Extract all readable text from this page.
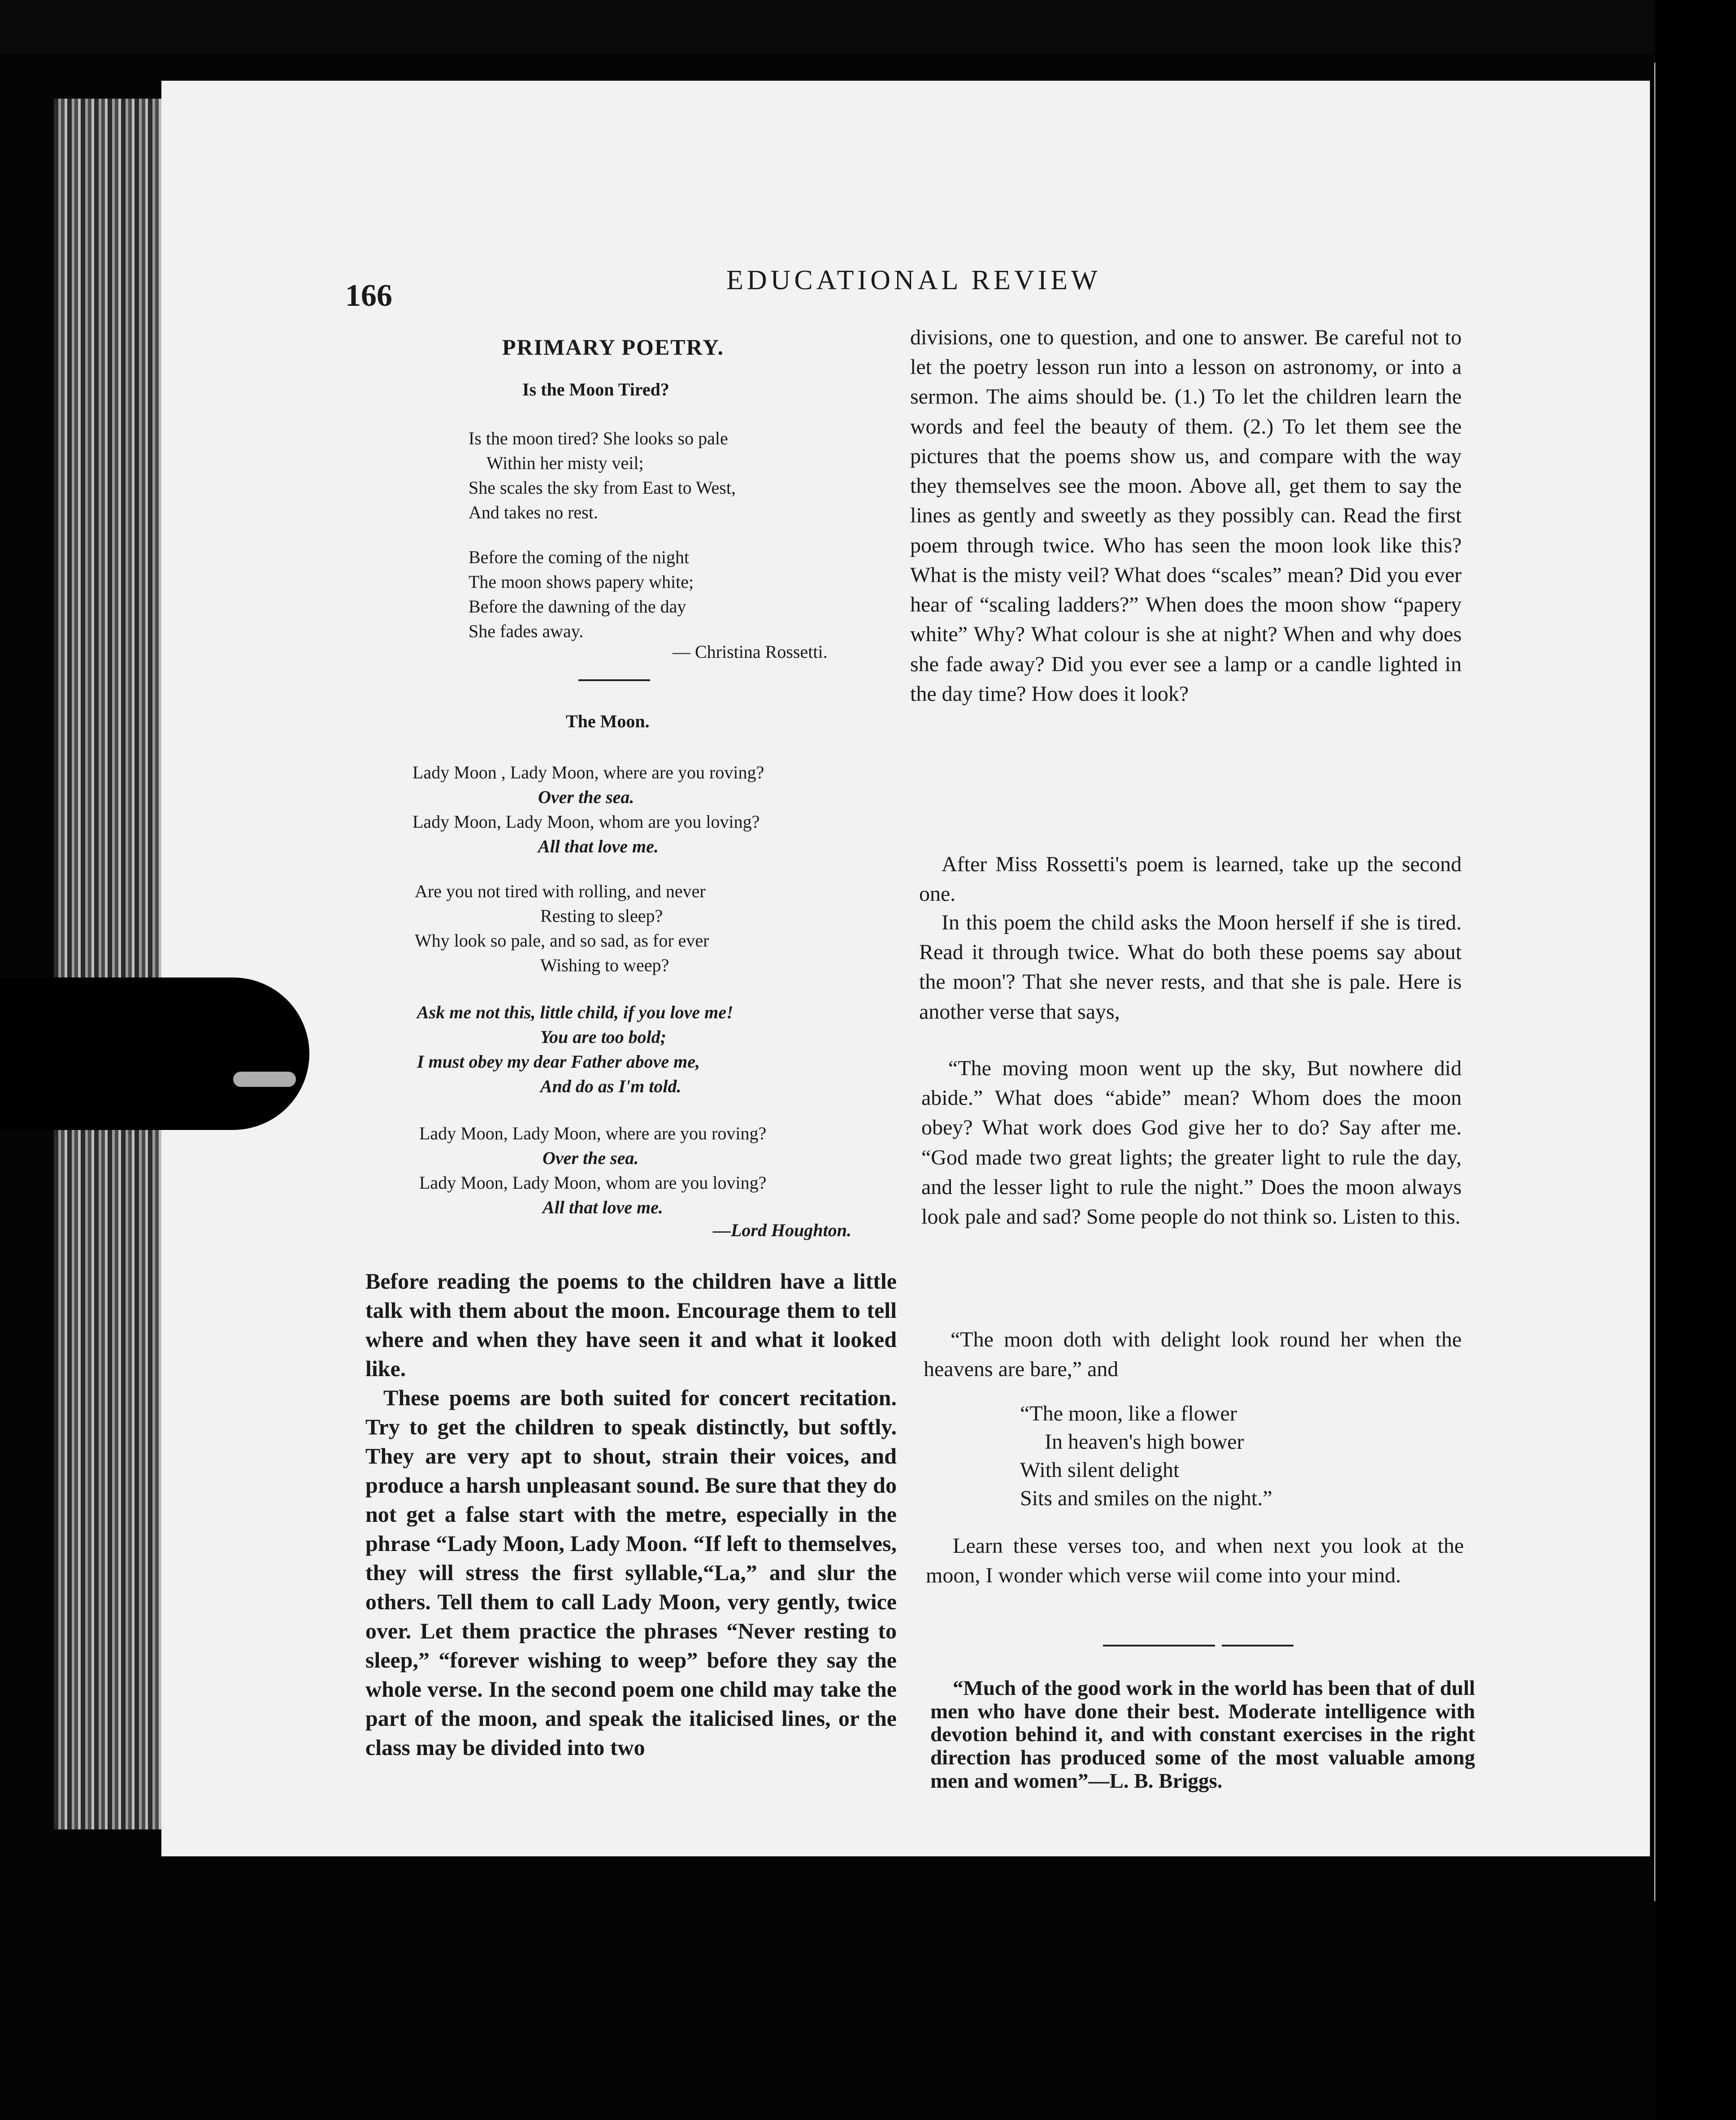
166	EDUCATIONAL REVIEW
PRIMARY POETRY.
Is the Moon Tired?
Is the moon tired? She looks so pale
Within her misty veil;
She scales the sky from East to West,
And takes no rest.
Before the coming of the night
The moon shows papery white;
Before the dawning of the day
She fades away.
— Christina Rossetti.
The Moon.
Lady Moon , Lady Moon, where are you roving?
Over the sea.
Lady Moon, Lady Moon, whom are you loving?
All that love me.
Are you not tired with rolling, and never
Resting to sleep?
Why look so pale, and so sad, as for ever
Wishing to weep?
Ask me not this, little child, if you love me!
You are too bold;
I must obey my dear Father above me,
And do as I'm told.
Lady Moon, Lady Moon, where are you roving?
Over the sea.
Lady Moon, Lady Moon, whom are you loving?
All that love me.
—Lord Houghton.
Before reading the poems to the children have a little talk with them about the moon. Encourage them to tell where and when they have seen it and what it looked like.
These poems are both suited for concert recitation. Try to get the children to speak distinctly, but softly. They are very apt to shout, strain their voices, and produce a harsh unpleasant sound. Be sure that they do not get a false start with the metre, especially in the phrase “Lady Moon, Lady Moon. “If left to themselves, they will stress the first syllable,“La,” and slur the others. Tell them to call Lady Moon, very gently, twice over. Let them practice the phrases “Never resting to sleep,” “forever wishing to weep” before they say the whole verse. In the second poem one child may take the part of the moon, and speak the italicised lines, or the class may be divided into two
divisions, one to question, and one to answer. Be careful not to let the poetry lesson run into a lesson on astronomy, or into a sermon. The aims should be. (1.) To let the children learn the words and feel the beauty of them. (2.) To let them see the pictures that the poems show us, and compare with the way they themselves see the moon. Above all, get them to say the lines as gently and sweetly as they possibly can. Read the first poem through twice. Who has seen the moon look like this? What is the misty veil? What does “scales” mean? Did you ever hear of “scaling ladders?” When does the moon show “papery white” Why? What colour is she at night? When and why does she fade away? Did you ever see a lamp or a candle lighted in the day time? How does it look?
After Miss Rossetti's poem is learned, take up the second one.
In this poem the child asks the Moon herself if she is tired. Read it through twice. What do both these poems say about the moon'? That she never rests, and that she is pale. Here is another verse that says,
“The moving moon went up the sky, But nowhere did abide.” What does “abide” mean? Whom does the moon obey? What work does God give her to do? Say after me. “God made two great lights; the greater light to rule the day, and the lesser light to rule the night.” Does the moon always look pale and sad? Some people do not think so. Listen to this.
“The moon doth with delight look round her when the heavens are bare,” and
“The moon, like a flower
In heaven's high bower
With silent delight
Sits and smiles on the night.”
Learn these verses too, and when next you look at the moon, I wonder which verse wiil come into your mind.
“Much of the good work in the world has been that of dull men who have done their best. Moderate intelligence with devotion behind it, and with constant exercises in the right direction has produced some of the most valuable among men and women”—L. B. Briggs.
